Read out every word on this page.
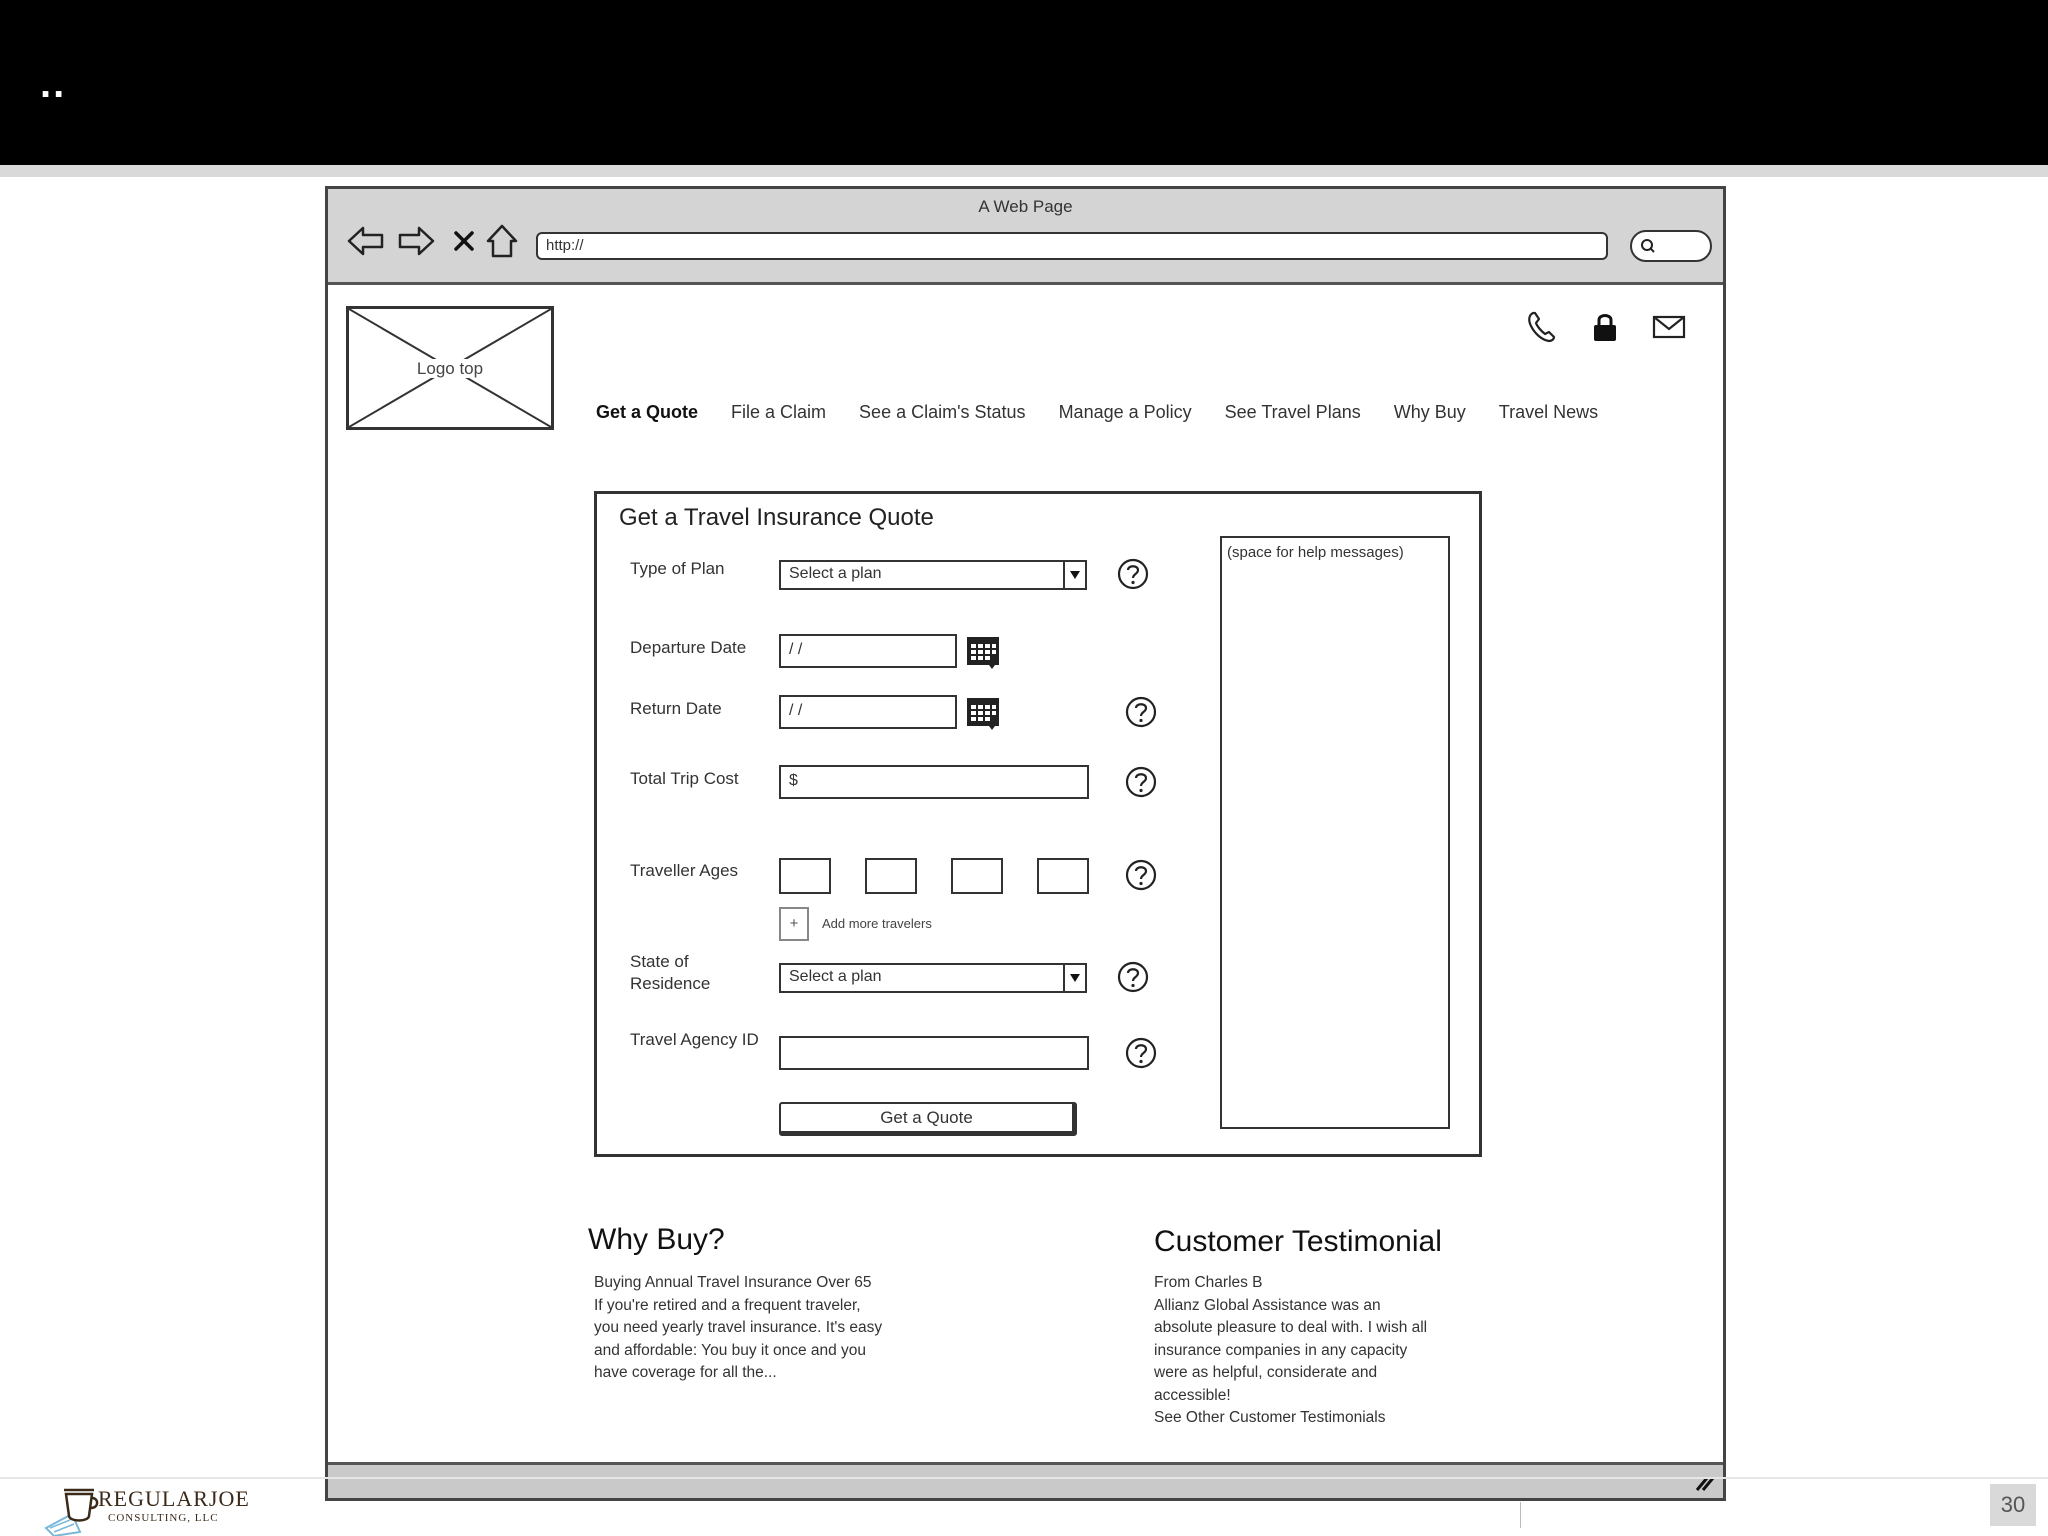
..
A Web Page
http://
Logo top
Get a Quote File a Claim See a Claim's Status Manage a Policy See Travel Plans Why Buy Travel News
Get a Travel Insurance Quote
Type of Plan	Select a plan
Departure Date	/ /
Return Date	/ /
Total Trip Cost	$
Traveller Ages
+	Add more travelers
State of
Residence	Select a plan
Travel Agency ID
Get a Quote
(space for help messages)
Why Buy?
Buying Annual Travel Insurance Over 65
If you're retired and a frequent traveler,
you need yearly travel insurance. It's easy
and affordable: You buy it once and you
have coverage for all the...
Customer Testimonial
From Charles B
Allianz Global Assistance was an
absolute pleasure to deal with. I wish all
insurance companies in any capacity
were as helpful, considerate and
accessible!
See Other Customer Testimonials
REGULARJOE
CONSULTING, LLC
30
